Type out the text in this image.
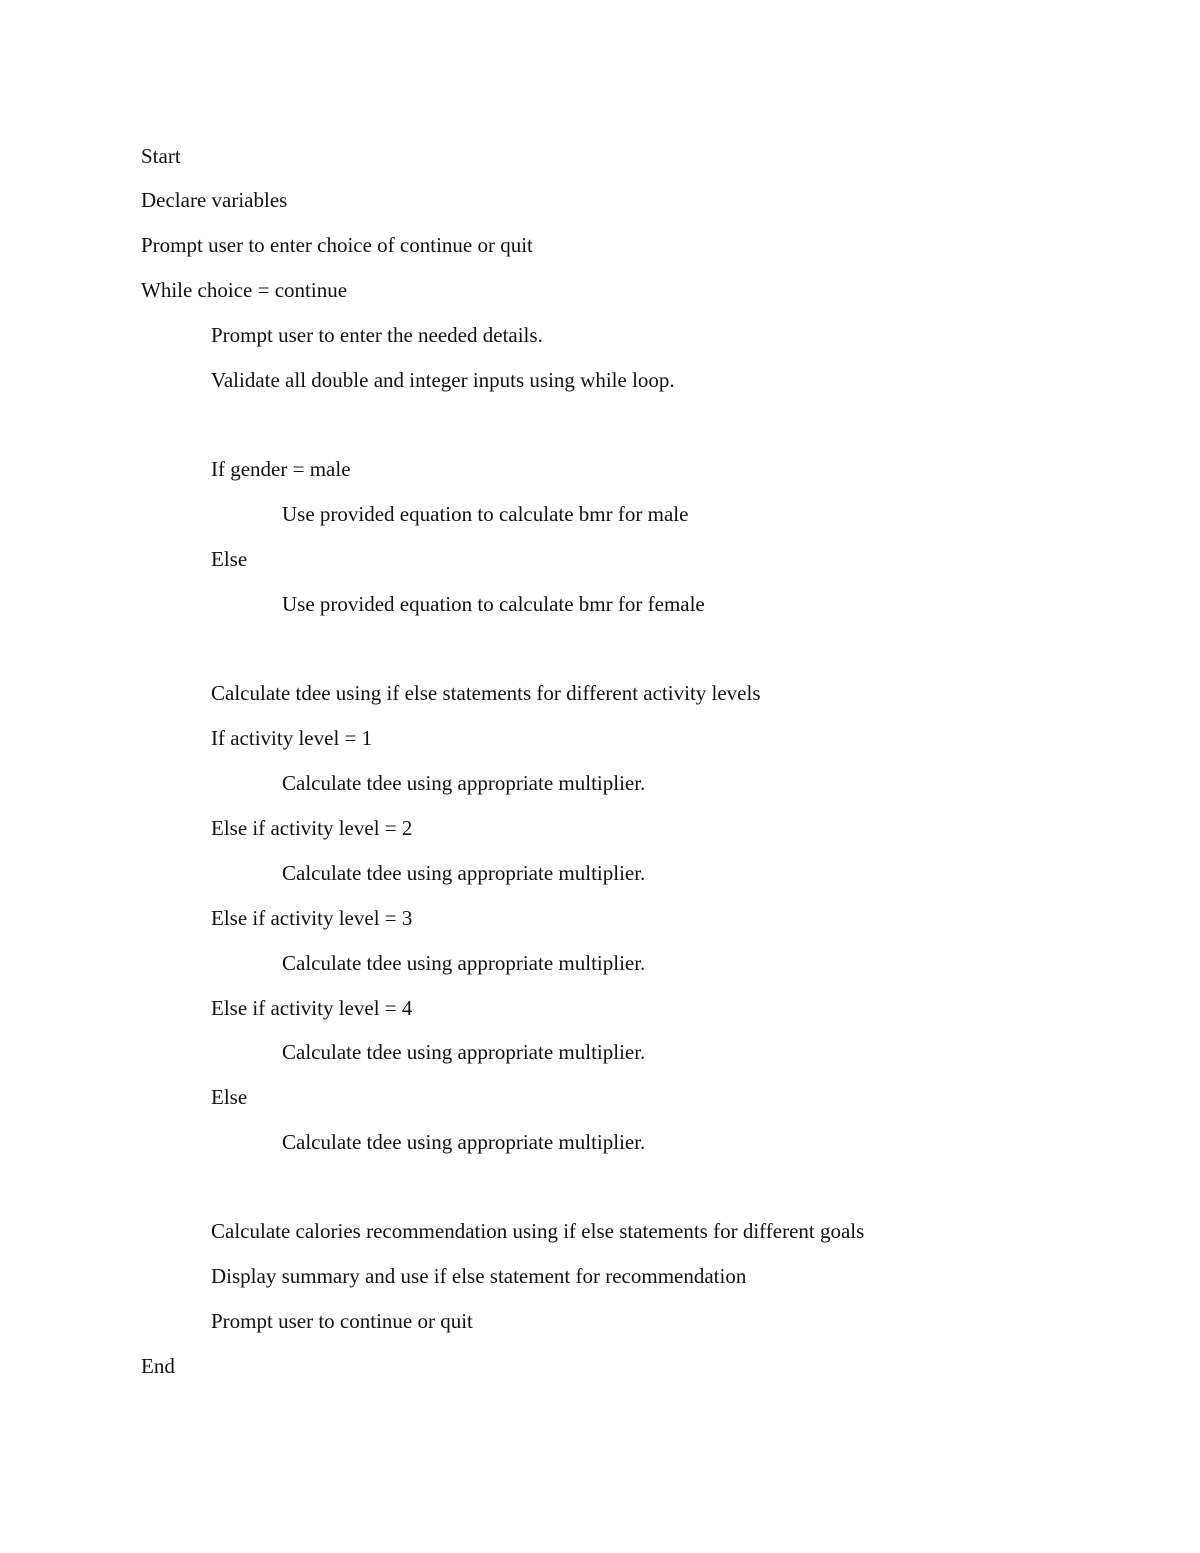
Start
Declare variables
Prompt user to enter choice of continue or quit
While choice = continue
Prompt user to enter the needed details.
Validate all double and integer inputs using while loop.
If gender = male
Use provided equation to calculate bmr for male
Else
Use provided equation to calculate bmr for female
Calculate tdee using if else statements for different activity levels
If activity level = 1
Calculate tdee using appropriate multiplier.
Else if activity level = 2
Calculate tdee using appropriate multiplier.
Else if activity level = 3
Calculate tdee using appropriate multiplier.
Else if activity level = 4
Calculate tdee using appropriate multiplier.
Else
Calculate tdee using appropriate multiplier.
Calculate calories recommendation using if else statements for different goals
Display summary and use if else statement for recommendation
Prompt user to continue or quit
End
